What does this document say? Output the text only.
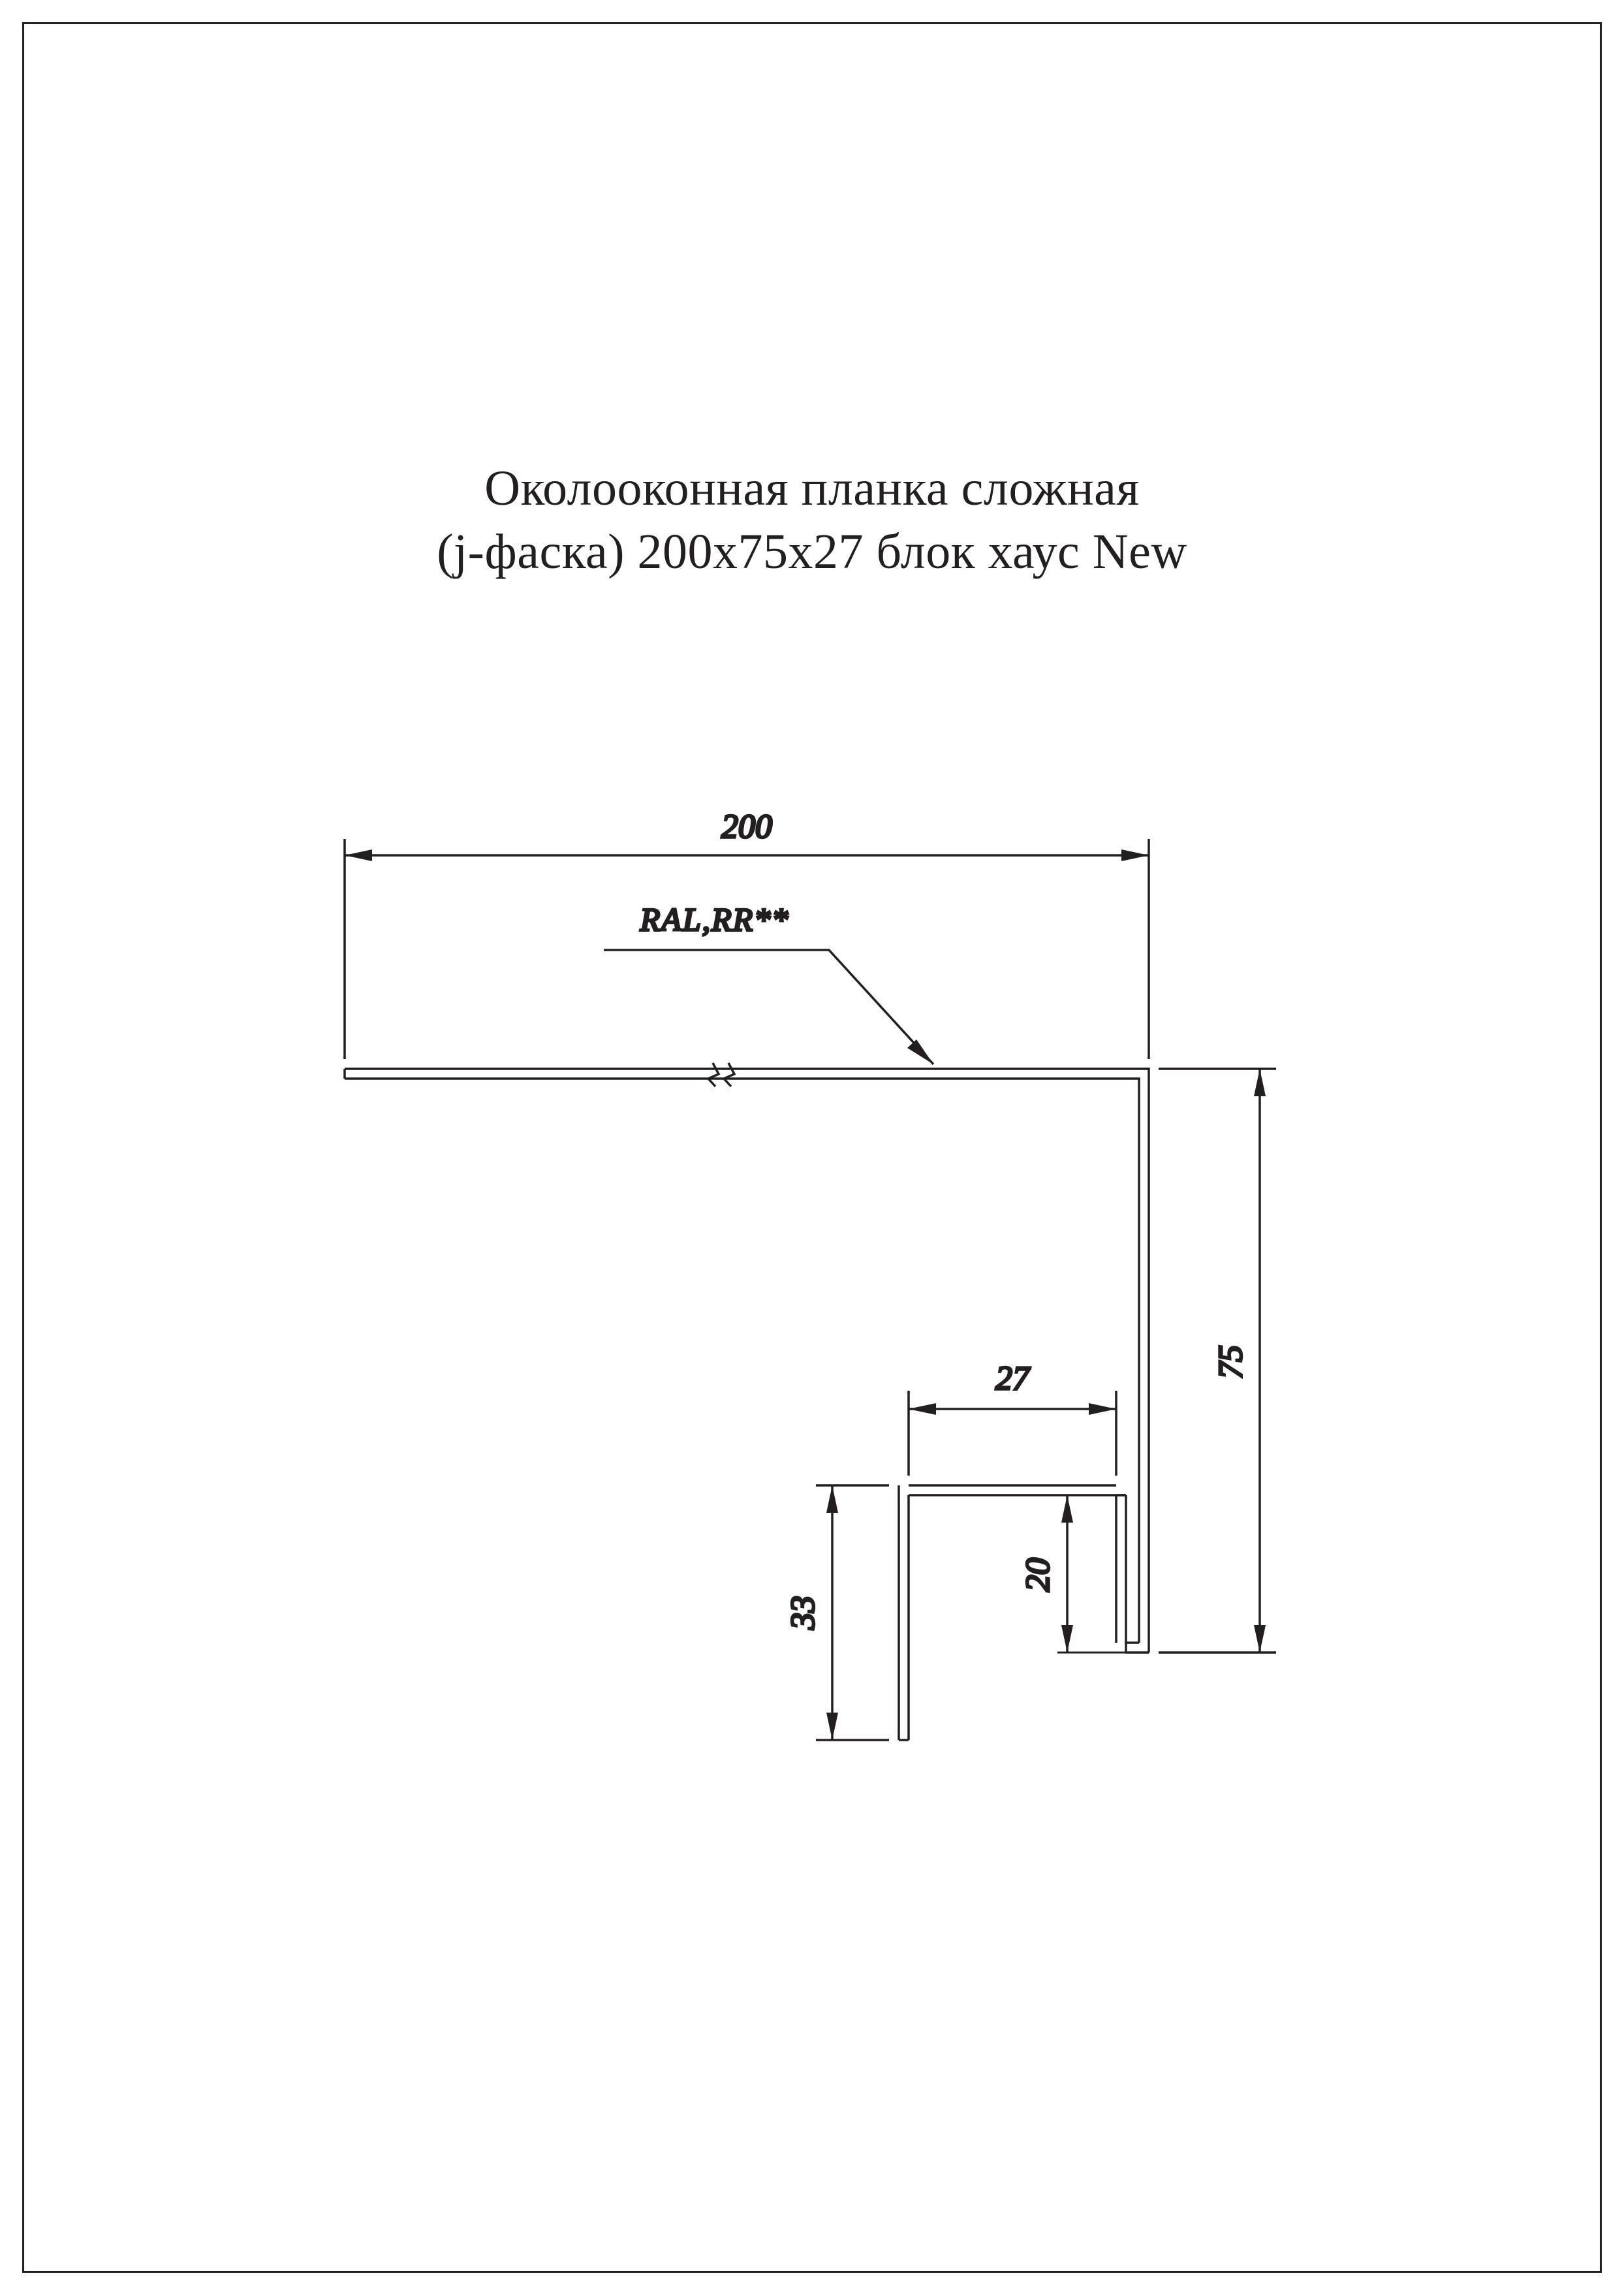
Околооконная планка сложная
(j-фаска) 200x75x27 блок хаус New
200
75
27
20
33
RAL,RR**
